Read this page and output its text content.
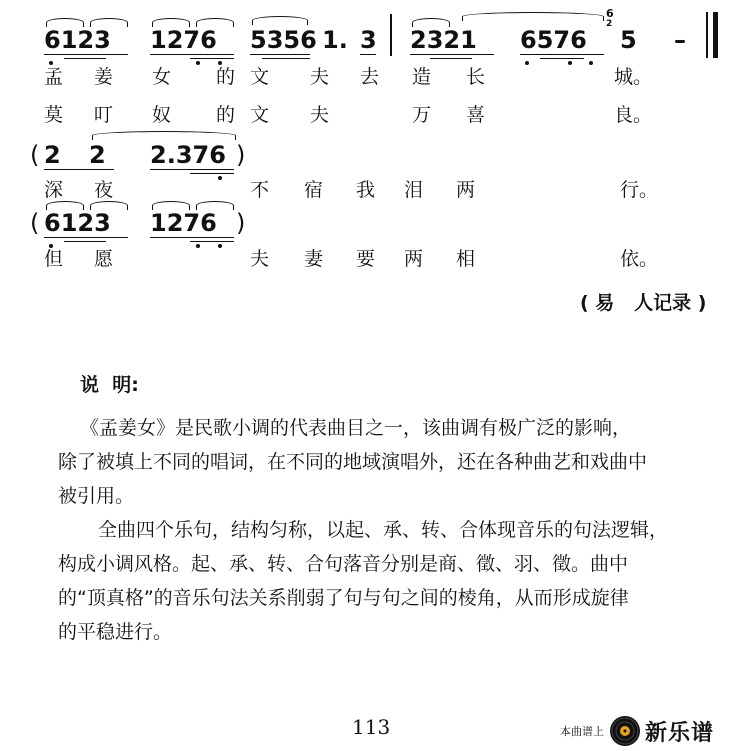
6123 1276 5356 1. 3 2321 6576
6
2
5 –
孟 姜 女 的 文 夫 去 造 长	城。
莫 叮 奴 的 文 夫	万 喜	良。
( 2 2 2.376 )
深 夜	不 宿 我 泪 两	行。
( 6123 1276 )
但 愿	夫 妻 要 两 相	依。
( 易   人记录 )
说  明:
《孟姜女》是民歌小调的代表曲目之一，该曲调有极广泛的影响，
除了被填上不同的唱词，在不同的地域演唱外，还在各种曲艺和戏曲中
被引用。
全曲四个乐句，结构匀称，以起、承、转、合体现音乐的句法逻辑，
构成小调风格。起、承、转、合句落音分别是商、徵、羽、徵。曲中
的“顶真格”的音乐句法关系削弱了句与句之间的棱角，从而形成旋律
的平稳进行。
113	本曲谱上 新乐谱
